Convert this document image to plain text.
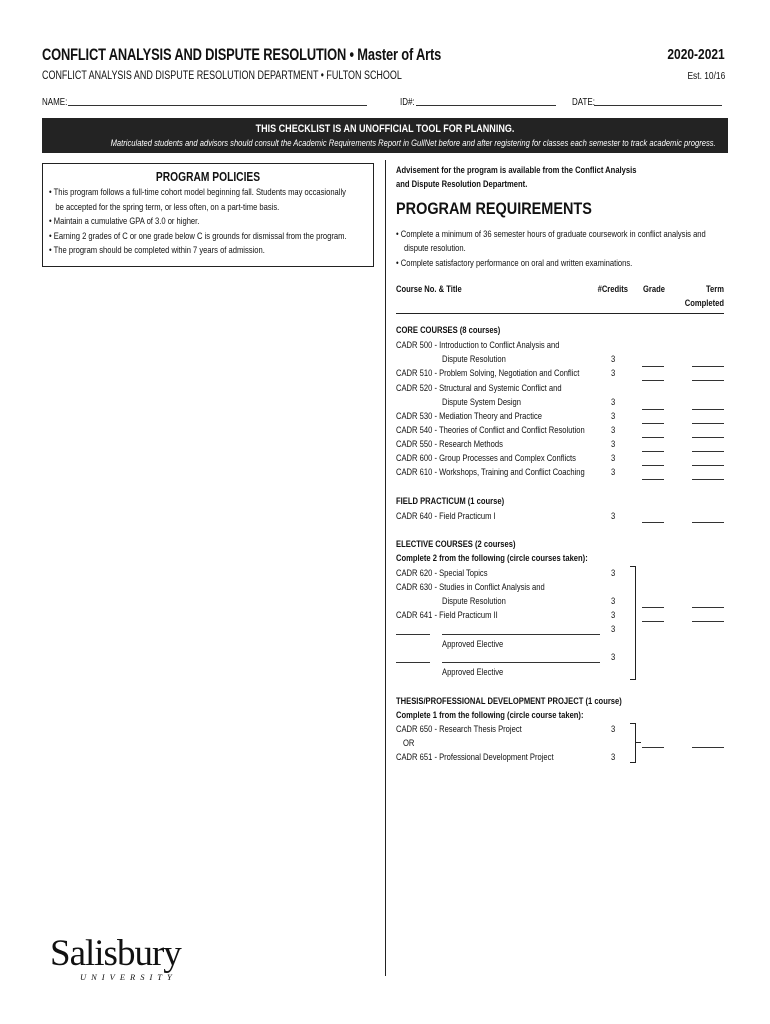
CONFLICT ANALYSIS AND DISPUTE RESOLUTION • Master of Arts	2020-2021
CONFLICT ANALYSIS AND DISPUTE RESOLUTION DEPARTMENT • FULTON SCHOOL	Est. 10/16
NAME:	ID#:	DATE:
THIS CHECKLIST IS AN UNOFFICIAL TOOL FOR PLANNING.
Matriculated students and advisors should consult the Academic Requirements Report in GullNet before and after registering for classes each semester to track academic progress.
PROGRAM POLICIES
• This program follows a full-time cohort model beginning fall. Students may occasionally
be accepted for the spring term, or less often, on a part-time basis.
• Maintain a cumulative GPA of 3.0 or higher.
• Earning 2 grades of C or one grade below C is grounds for dismissal from the program.
• The program should be completed within 7 years of admission.
Advisement for the program is available from the Conflict Analysis
and Dispute Resolution Department.
PROGRAM REQUIREMENTS
• Complete a minimum of 36 semester hours of graduate coursework in conflict analysis and
dispute resolution.
• Complete satisfactory performance on oral and written examinations.
Course No. & Title	#Credits	Grade	Term
Completed
CORE COURSES (8 courses)
CADR 500 - Introduction to Conflict Analysis and
Dispute Resolution	3
CADR 510 - Problem Solving, Negotiation and Conflict	3
CADR 520 - Structural and Systemic Conflict and
Dispute System Design	3
CADR 530 - Mediation Theory and Practice	3
CADR 540 - Theories of Conflict and Conflict Resolution	3
CADR 550 - Research Methods	3
CADR 600 - Group Processes and Complex Conflicts	3
CADR 610 - Workshops, Training and Conflict Coaching	3
FIELD PRACTICUM (1 course)
CADR 640 - Field Practicum I	3
ELECTIVE COURSES (2 courses)
Complete 2 from the following (circle courses taken):
CADR 620 - Special Topics	3
CADR 630 - Studies in Conflict Analysis and
Dispute Resolution	3
CADR 641 - Field Practicum II	3
3
Approved Elective
3
Approved Elective
THESIS/PROFESSIONAL DEVELOPMENT PROJECT (1 course)
Complete 1 from the following (circle course taken):
CADR 650 - Research Thesis Project	3
OR
CADR 651 - Professional Development Project	3
Salisbury
UNIVERSITY
